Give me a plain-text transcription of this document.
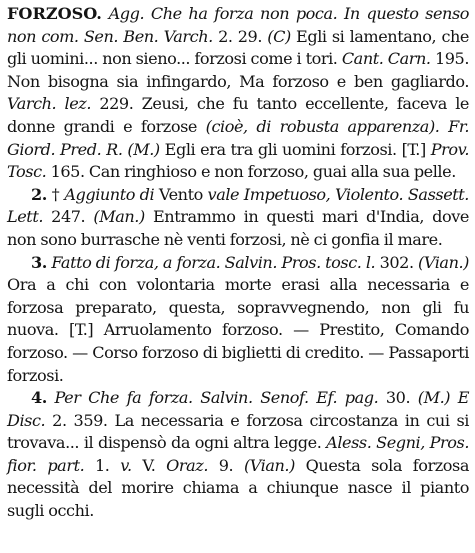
FORZOSO. Agg. Che ha forza non poca. In questo senso non com. Sen. Ben. Varch. 2. 29. (C) Egli si lamentano, che gli uomini... non sieno... forzosi come i tori. Cant. Carn. 195. Non bisogna sia infingardo, Ma forzoso e ben gagliardo. Varch. lez. 229. Zeusi, che fu tanto eccellente, faceva le donne grandi e forzose (cioè, di robusta apparenza). Fr. Giord. Pred. R. (M.) Egli era tra gli uomini forzosi. [T.] Prov. Tosc. 165. Can ringhioso e non forzoso, guai alla sua pelle.

2. † Aggiunto di Vento vale Impetuoso, Violento. Sassett. Lett. 247. (Man.) Entrammo in questi mari d'India, dove non sono burrasche nè venti forzosi, nè ci gonfia il mare.

3. Fatto di forza, a forza. Salvin. Pros. tosc. l. 302. (Vian.) Ora a chi con volontaria morte erasi alla necessaria e forzosa preparato, questa, sopravvegnendo, non gli fu nuova. [T.] Arruolamento forzoso. — Prestito, Comando forzoso. — Corso forzoso di biglietti di credito. — Passaporti forzosi.

4. Per Che fa forza. Salvin. Senof. Ef. pag. 30. (M.) E Disc. 2. 359. La necessaria e forzosa circostanza in cui si trovava... il dispensò da ogni altra legge. Aless. Segni, Pros. fior. part. 1. v. V. Oraz. 9. (Vian.) Questa sola forzosa necessità del morire chiama a chiunque nasce il pianto sugli occhi.
